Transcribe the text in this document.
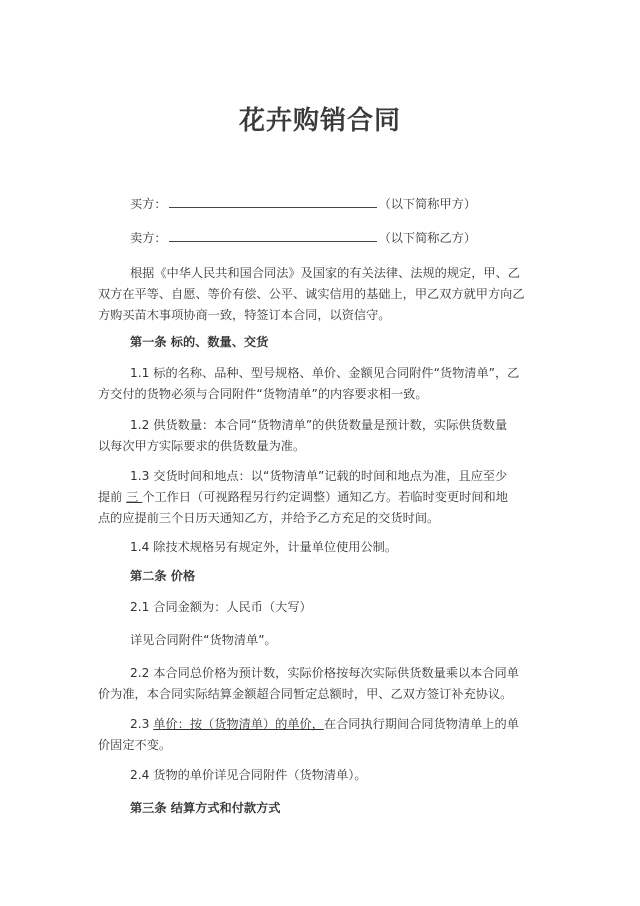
花卉购销合同
买方：	（以下简称甲方）
卖方：	（以下简称乙方）
根据《中华人民共和国合同法》及国家的有关法律、法规的规定，甲、乙
双方在平等、自愿、等价有偿、公平、诚实信用的基础上，甲乙双方就甲方向乙
方购买苗木事项协商一致，特签订本合同，以资信守。
第一条 标的、数量、交货
1.1 标的名称、品种、型号规格、单价、金额见合同附件“货物清单”，乙
方交付的货物必须与合同附件“货物清单”的内容要求相一致。
1.2 供货数量：本合同“货物清单”的供货数量是预计数，实际供货数量
以每次甲方实际要求的供货数量为准。
1.3 交货时间和地点：以“货物清单”记载的时间和地点为准，且应至少
提前 三 个工作日（可视路程另行约定调整）通知乙方。若临时变更时间和地
点的应提前三个日历天通知乙方，并给予乙方充足的交货时间。
1.4 除技术规格另有规定外，计量单位使用公制。
第二条 价格
2.1 合同金额为：人民币（大写）
详见合同附件“货物清单”。
2.2 本合同总价格为预计数，实际价格按每次实际供货数量乘以本合同单
价为准，本合同实际结算金额超合同暂定总额时，甲、乙双方签订补充协议。
2.3 单价：按（货物清单）的单价，在合同执行期间合同货物清单上的单
价固定不变。
2.4 货物的单价详见合同附件（货物清单）。
第三条 结算方式和付款方式
